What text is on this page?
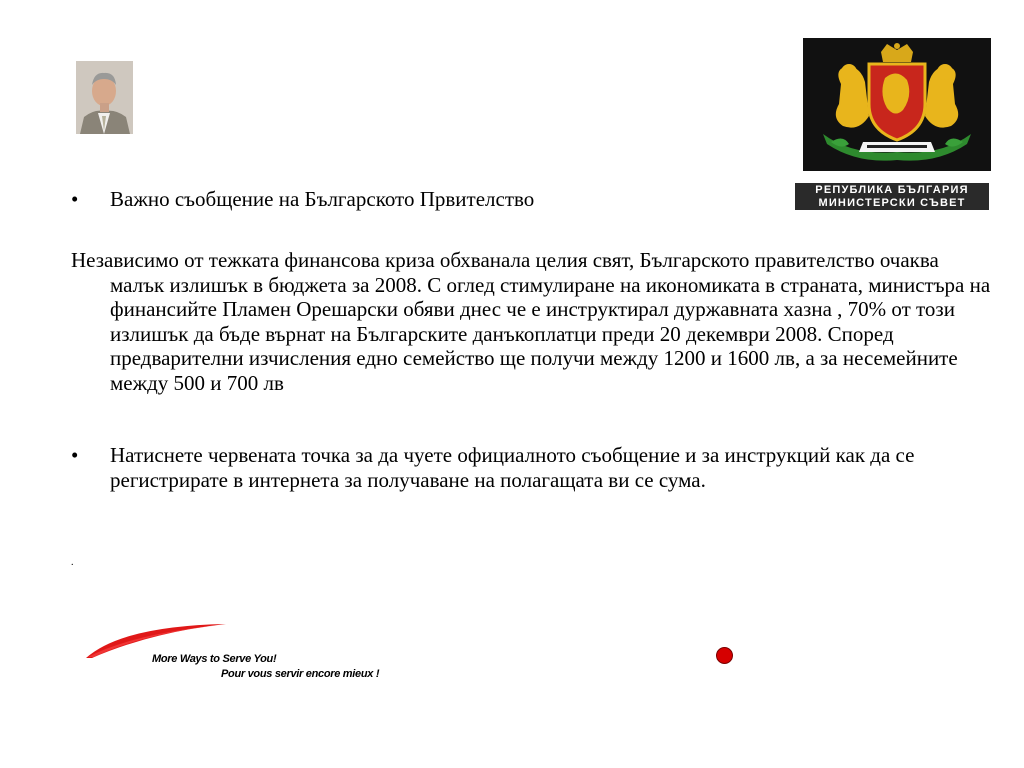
РЕПУБЛИКА БЪЛГАРИЯ
МИНИСТЕРСКИ СЪВЕТ
•	Важно съобщение на Българското Првителство
Независимо от тежката финансова криза обхванала целия свят, Българското правителство очаква малък излишък в бюджета за 2008. С оглед стимулиране на икономиката в страната, министъра на финансийте Пламен Орешарски обяви днес че е инструктирал дуржавната хазна , 70% от този излишък да бъде върнат на Българските данъкоплатци преди 20 декември 2008. Според предварителни изчисления едно семейство ще получи между 1200 и 1600 лв, а за несемейните между 500 и 700 лв
•	Натиснете червената точка за да чуете официалното съобщение и за инструкций как да се регистрирате в интернета за получаване на полагащата ви се сума.
.
More Ways to Serve You!
Pour vous servir encore mieux !
